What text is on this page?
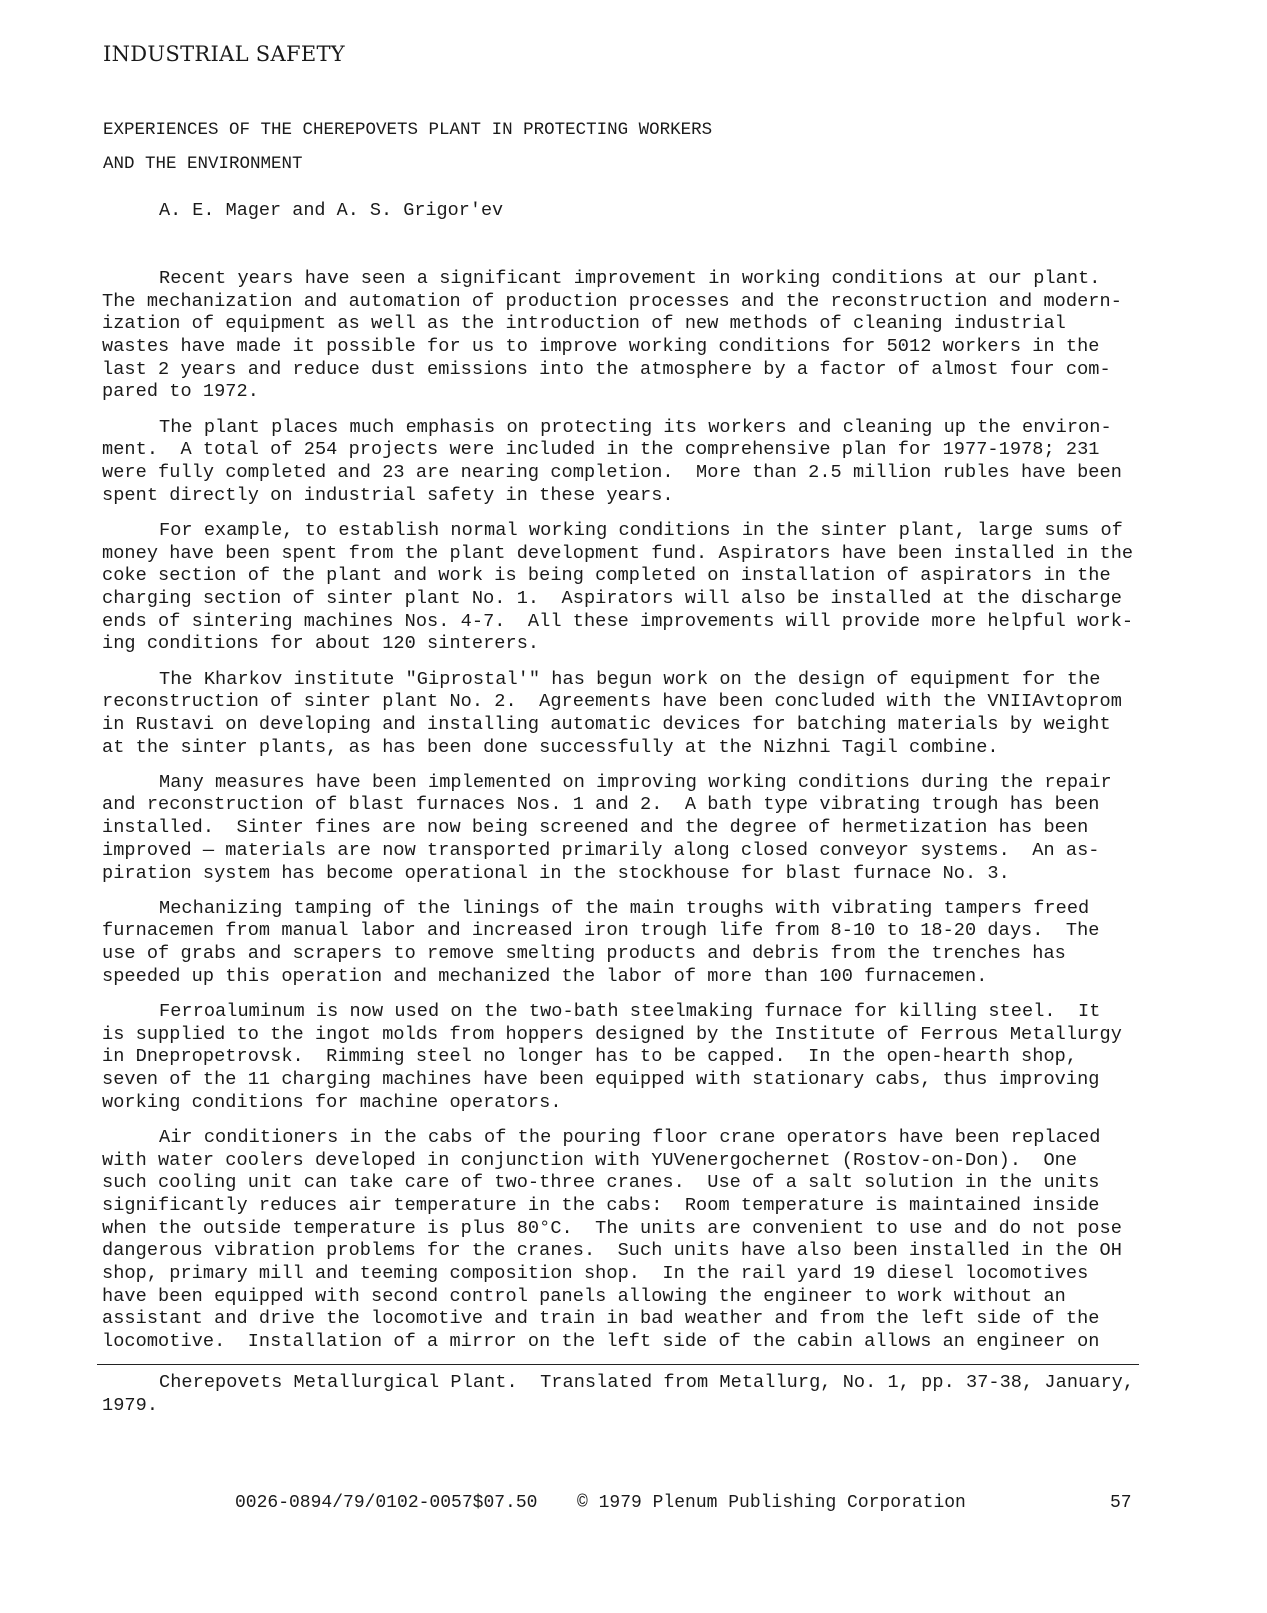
INDUSTRIAL SAFETY
EXPERIENCES OF THE CHEREPOVETS PLANT IN PROTECTING WORKERS
AND THE ENVIRONMENT
A. E. Mager and A. S. Grigor'ev
Recent years have seen a significant improvement in working conditions at our plant.
The mechanization and automation of production processes and the reconstruction and modern-
ization of equipment as well as the introduction of new methods of cleaning industrial
wastes have made it possible for us to improve working conditions for 5012 workers in the
last 2 years and reduce dust emissions into the atmosphere by a factor of almost four com-
pared to 1972.
The plant places much emphasis on protecting its workers and cleaning up the environ-
ment.  A total of 254 projects were included in the comprehensive plan for 1977-1978; 231
were fully completed and 23 are nearing completion.  More than 2.5 million rubles have been
spent directly on industrial safety in these years.
For example, to establish normal working conditions in the sinter plant, large sums of
money have been spent from the plant development fund. Aspirators have been installed in the
coke section of the plant and work is being completed on installation of aspirators in the
charging section of sinter plant No. 1.  Aspirators will also be installed at the discharge
ends of sintering machines Nos. 4-7.  All these improvements will provide more helpful work-
ing conditions for about 120 sinterers.
The Kharkov institute "Giprostal'" has begun work on the design of equipment for the
reconstruction of sinter plant No. 2.  Agreements have been concluded with the VNIIAvtoprom
in Rustavi on developing and installing automatic devices for batching materials by weight
at the sinter plants, as has been done successfully at the Nizhni Tagil combine.
Many measures have been implemented on improving working conditions during the repair
and reconstruction of blast furnaces Nos. 1 and 2.  A bath type vibrating trough has been
installed.  Sinter fines are now being screened and the degree of hermetization has been
improved — materials are now transported primarily along closed conveyor systems.  An as-
piration system has become operational in the stockhouse for blast furnace No. 3.
Mechanizing tamping of the linings of the main troughs with vibrating tampers freed
furnacemen from manual labor and increased iron trough life from 8-10 to 18-20 days.  The
use of grabs and scrapers to remove smelting products and debris from the trenches has
speeded up this operation and mechanized the labor of more than 100 furnacemen.
Ferroaluminum is now used on the two-bath steelmaking furnace for killing steel.  It
is supplied to the ingot molds from hoppers designed by the Institute of Ferrous Metallurgy
in Dnepropetrovsk.  Rimming steel no longer has to be capped.  In the open-hearth shop,
seven of the 11 charging machines have been equipped with stationary cabs, thus improving
working conditions for machine operators.
Air conditioners in the cabs of the pouring floor crane operators have been replaced
with water coolers developed in conjunction with YUVenergochernet (Rostov-on-Don).  One
such cooling unit can take care of two-three cranes.  Use of a salt solution in the units
significantly reduces air temperature in the cabs:  Room temperature is maintained inside
when the outside temperature is plus 80°C.  The units are convenient to use and do not pose
dangerous vibration problems for the cranes.  Such units have also been installed in the OH
shop, primary mill and teeming composition shop.  In the rail yard 19 diesel locomotives
have been equipped with second control panels allowing the engineer to work without an
assistant and drive the locomotive and train in bad weather and from the left side of the
locomotive.  Installation of a mirror on the left side of the cabin allows an engineer on
Cherepovets Metallurgical Plant.  Translated from Metallurg, No. 1, pp. 37-38, January,
1979.
0026-0894/79/0102-0057$07.50 © 1979 Plenum Publishing Corporation	57
